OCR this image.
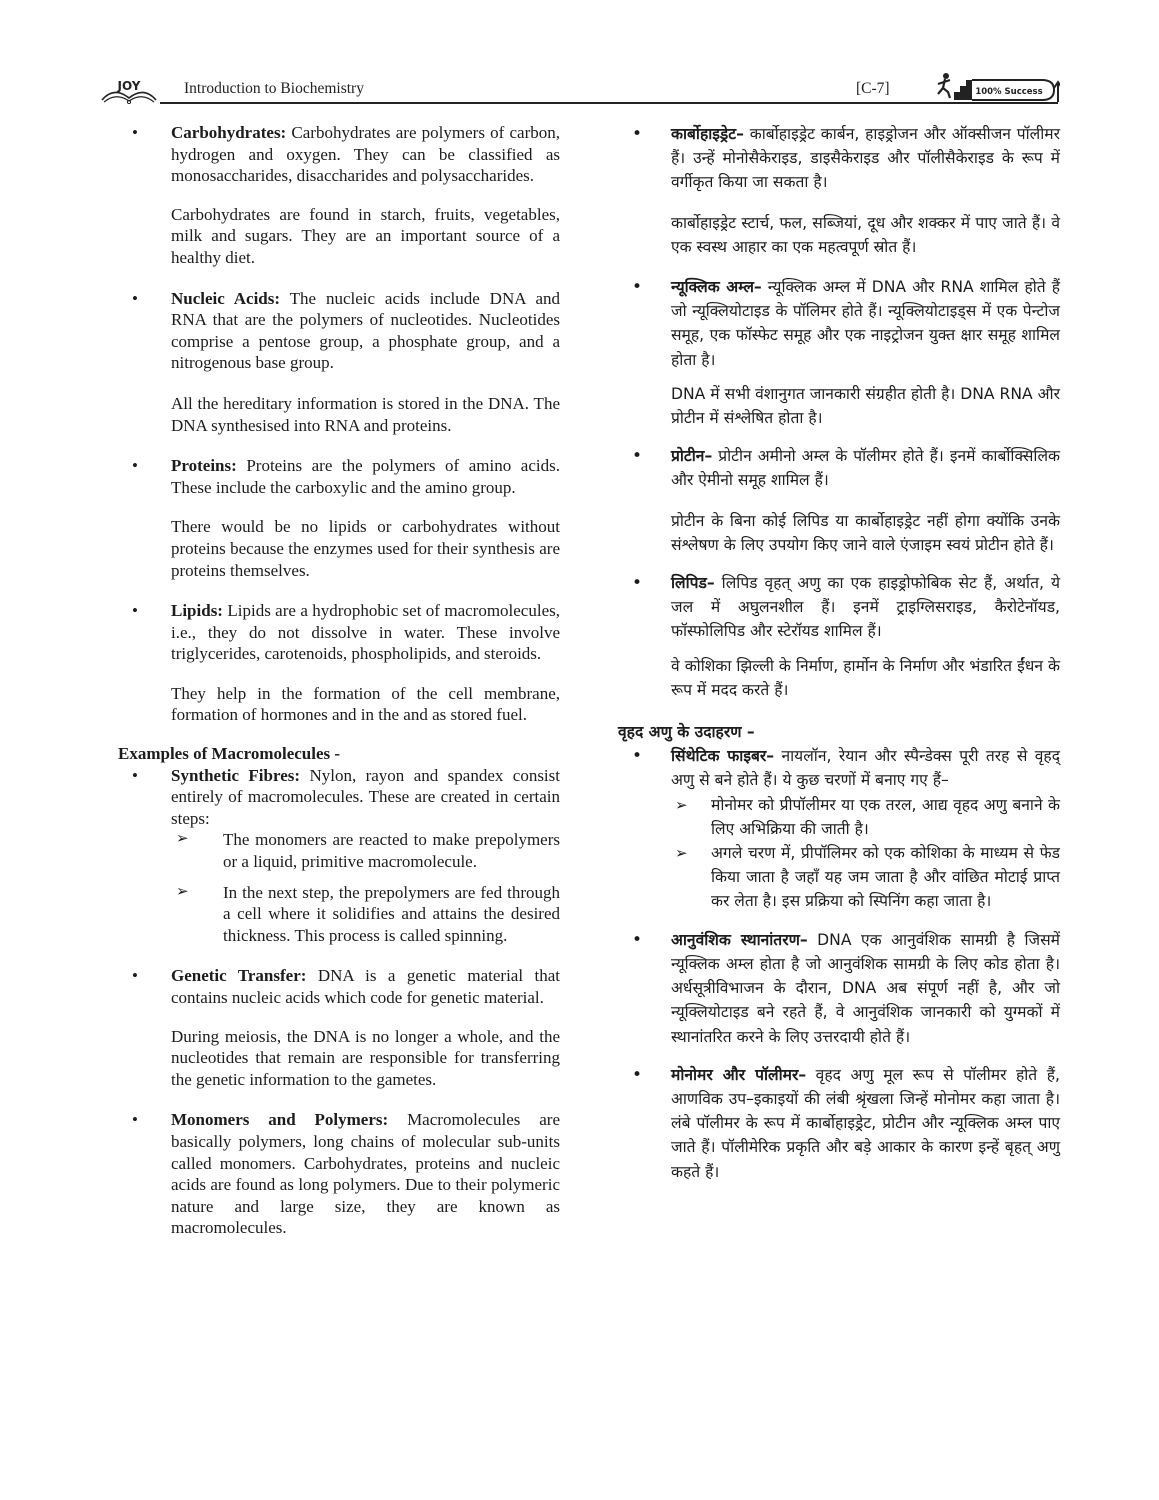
JOY	Introduction to Biochemistry	[C-7]	100% Success
• Carbohydrates: Carbohydrates are polymers of carbon, hydrogen and oxygen. They can be classified as monosaccharides, disaccharides and polysaccharides.

Carbohydrates are found in starch, fruits, vegetables, milk and sugars. They are an important source of a healthy diet.

• Nucleic Acids: The nucleic acids include DNA and RNA that are the polymers of nucleotides. Nucleotides comprise a pentose group, a phosphate group, and a nitrogenous base group.

All the hereditary information is stored in the DNA. The DNA synthesised into RNA and proteins.

• Proteins: Proteins are the polymers of amino acids. These include the carboxylic and the amino group.

There would be no lipids or carbohydrates without proteins because the enzymes used for their synthesis are proteins themselves.

• Lipids: Lipids are a hydrophobic set of macromolecules, i.e., they do not dissolve in water. These involve triglycerides, carotenoids, phospholipids, and steroids.

They help in the formation of the cell membrane, formation of hormones and in the and as stored fuel.

Examples of Macromolecules -
• Synthetic Fibres: Nylon, rayon and spandex consist entirely of macromolecules. These are created in certain steps:

➢ The monomers are reacted to make prepolymers or a liquid, primitive macromolecule.

➢ In the next step, the prepolymers are fed through a cell where it solidifies and attains the desired thickness. This process is called spinning.

• Genetic Transfer: DNA is a genetic material that contains nucleic acids which code for genetic material.

During meiosis, the DNA is no longer a whole, and the nucleotides that remain are responsible for transferring the genetic information to the gametes.

• Monomers and Polymers: Macromolecules are basically polymers, long chains of molecular sub-units called monomers. Carbohydrates, proteins and nucleic acids are found as long polymers. Due to their polymeric nature and large size, they are known as macromolecules.

• कार्बोहाइड्रेट– कार्बोहाइड्रेट कार्बन, हाइड्रोजन और ऑक्सीजन पॉलीमर हैं। उन्हें मोनोसैकेराइड, डाइसैकेराइड और पॉलीसैकेराइड के रूप में वर्गीकृत किया जा सकता है।

कार्बोहाइड्रेट स्टार्च, फल, सब्जियां, दूध और शक्कर में पाए जाते हैं। वे एक स्वस्थ आहार का एक महत्वपूर्ण स्रोत हैं।

• न्यूक्लिक अम्ल– न्यूक्लिक अम्ल में DNA और RNA शामिल होते हैं जो न्यूक्लियोटाइड के पॉलिमर होते हैं। न्यूक्लियोटाइड्स में एक पेन्टोज समूह, एक फॉस्फेट समूह और एक नाइट्रोजन युक्त क्षार समूह शामिल होता है।

DNA में सभी वंशानुगत जानकारी संग्रहीत होती है। DNA RNA और प्रोटीन में संश्लेषित होता है।

• प्रोटीन– प्रोटीन अमीनो अम्ल के पॉलीमर होते हैं। इनमें कार्बोक्सिलिक और ऐमीनो समूह शामिल हैं।

प्रोटीन के बिना कोई लिपिड या कार्बोहाइड्रेट नहीं होगा क्योंकि उनके संश्लेषण के लिए उपयोग किए जाने वाले एंजाइम स्वयं प्रोटीन होते हैं।

• लिपिड– लिपिड वृहत् अणु का एक हाइड्रोफोबिक सेट हैं, अर्थात, ये जल में अघुलनशील हैं। इनमें ट्राइग्लिसराइड, कैरोटेनॉयड, फॉस्फोलिपिड और स्टेरॉयड शामिल हैं।

वे कोशिका झिल्ली के निर्माण, हार्मोन के निर्माण और भंडारित ईंधन के रूप में मदद करते हैं।

वृहद अणु के उदाहरण –
• सिंथेटिक फाइबर– नायलॉन, रेयान और स्पैन्डेक्स पूरी तरह से वृहद् अणु से बने होते हैं। ये कुछ चरणों में बनाए गए हैं–

➢ मोनोमर को प्रीपॉलीमर या एक तरल, आद्य वृहद अणु बनाने के लिए अभिक्रिया की जाती है।

➢ अगले चरण में, प्रीपॉलिमर को एक कोशिका के माध्यम से फेड किया जाता है जहाँ यह जम जाता है और वांछित मोटाई प्राप्त कर लेता है। इस प्रक्रिया को स्पिनिंग कहा जाता है।

• आनुवंशिक स्थानांतरण– DNA एक आनुवंशिक सामग्री है जिसमें न्यूक्लिक अम्ल होता है जो आनुवंशिक सामग्री के लिए कोड होता है। अर्धसूत्रीविभाजन के दौरान, DNA अब संपूर्ण नहीं है, और जो न्यूक्लियोटाइड बने रहते हैं, वे आनुवंशिक जानकारी को युग्मकों में स्थानांतरित करने के लिए उत्तरदायी होते हैं।

• मोनोमर और पॉलीमर– वृहद अणु मूल रूप से पॉलीमर होते हैं, आणविक उप–इकाइयों की लंबी श्रृंखला जिन्हें मोनोमर कहा जाता है। लंबे पॉलीमर के रूप में कार्बोहाइड्रेट, प्रोटीन और न्यूक्लिक अम्ल पाए जाते हैं। पॉलीमेरिक प्रकृति और बड़े आकार के कारण इन्हें बृहत् अणु कहते हैं।
